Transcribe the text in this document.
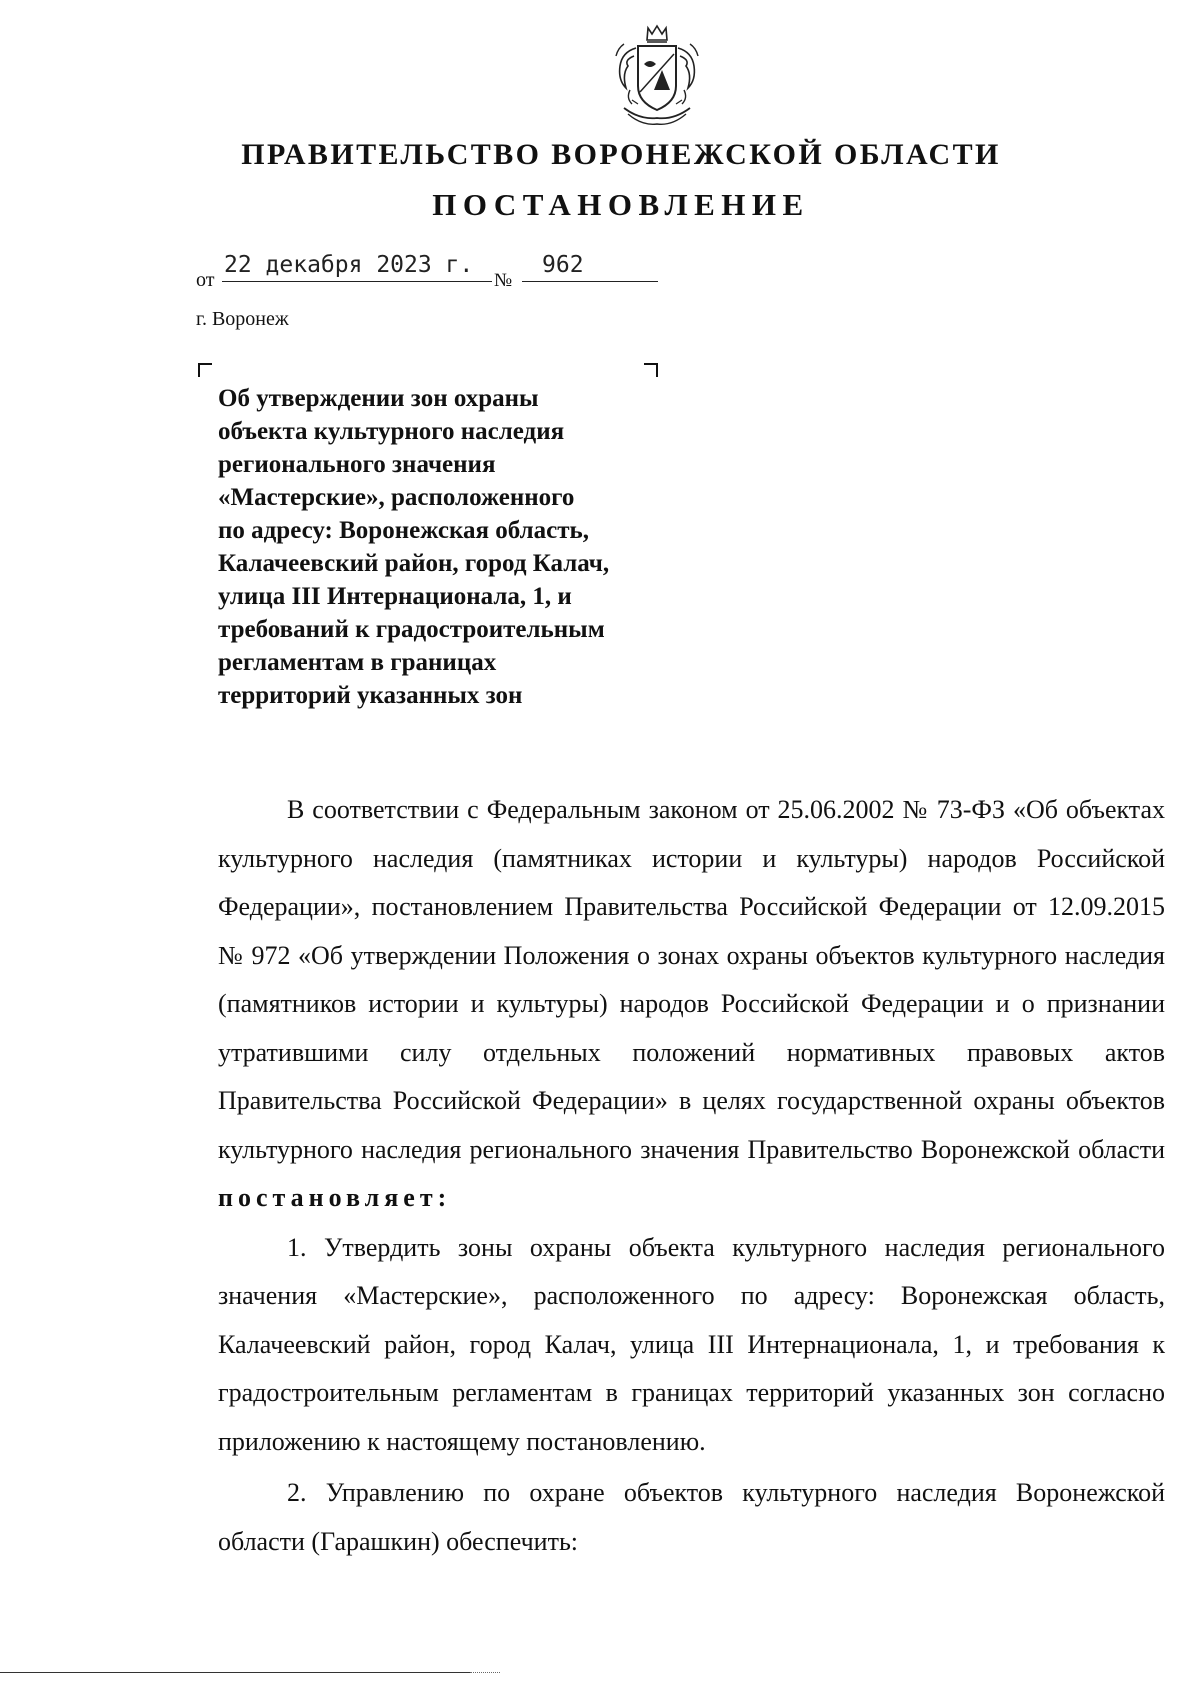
ПРАВИТЕЛЬСТВО ВОРОНЕЖСКОЙ ОБЛАСТИ
ПОСТАНОВЛЕНИЕ
от
22 декабря 2023 г.
№
962
г. Воронеж
Об утверждении зон охраны
объекта культурного наследия
регионального значения
«Мастерские», расположенного
по адресу: Воронежская область,
Калачеевский район, город Калач,
улица III Интернационала, 1, и
требований к градостроительным
регламентам в границах
территорий указанных зон

В соответствии с Федеральным законом от 25.06.2002 № 73-ФЗ «Об объектах культурного наследия (памятниках истории и культуры) народов Российской Федерации», постановлением Правительства Российской Федерации от 12.09.2015 № 972 «Об утверждении Положения о зонах охраны объектов культурного наследия (памятников истории и культуры) народов Российской Федерации и о признании утратившими силу отдельных положений нормативных правовых актов Правительства Российской Федерации» в целях государственной охраны объектов культурного наследия регионального значения Правительство Воронежской области постановляет:

1. Утвердить зоны охраны объекта культурного наследия регионального значения «Мастерские», расположенного по адресу: Воронежская область, Калачеевский район, город Калач, улица III Интернационала, 1, и требования к градостроительным регламентам в границах территорий указанных зон согласно приложению к настоящему постановлению.

2. Управлению по охране объектов культурного наследия Воронежской области (Гарашкин) обеспечить:
